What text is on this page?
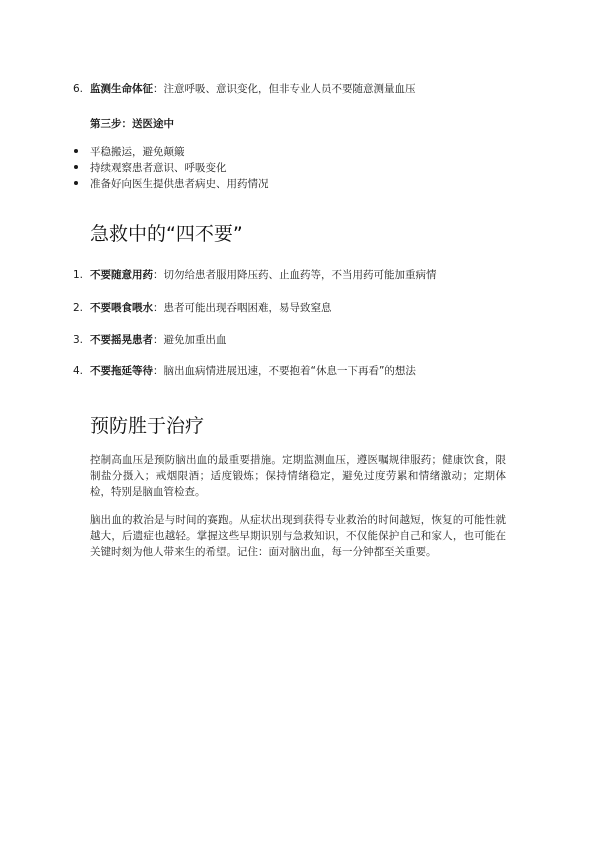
6. 监测生命体征：注意呼吸、意识变化，但非专业人员不要随意测量血压
第三步：送医途中
平稳搬运，避免颠簸
持续观察患者意识、呼吸变化
准备好向医生提供患者病史、用药情况
急救中的“四不要”
1. 不要随意用药：切勿给患者服用降压药、止血药等，不当用药可能加重病情
2. 不要喂食喂水：患者可能出现吞咽困难，易导致窒息
3. 不要摇晃患者：避免加重出血
4. 不要拖延等待：脑出血病情进展迅速，不要抱着“休息一下再看”的想法
预防胜于治疗
控制高血压是预防脑出血的最重要措施。定期监测血压，遵医嘱规律服药；健康饮食，限制盐分摄入；戒烟限酒；适度锻炼；保持情绪稳定，避免过度劳累和情绪激动；定期体检，特别是脑血管检查。
脑出血的救治是与时间的赛跑。从症状出现到获得专业救治的时间越短，恢复的可能性就越大，后遗症也越轻。掌握这些早期识别与急救知识，不仅能保护自己和家人，也可能在关键时刻为他人带来生的希望。记住：面对脑出血，每一分钟都至关重要。
